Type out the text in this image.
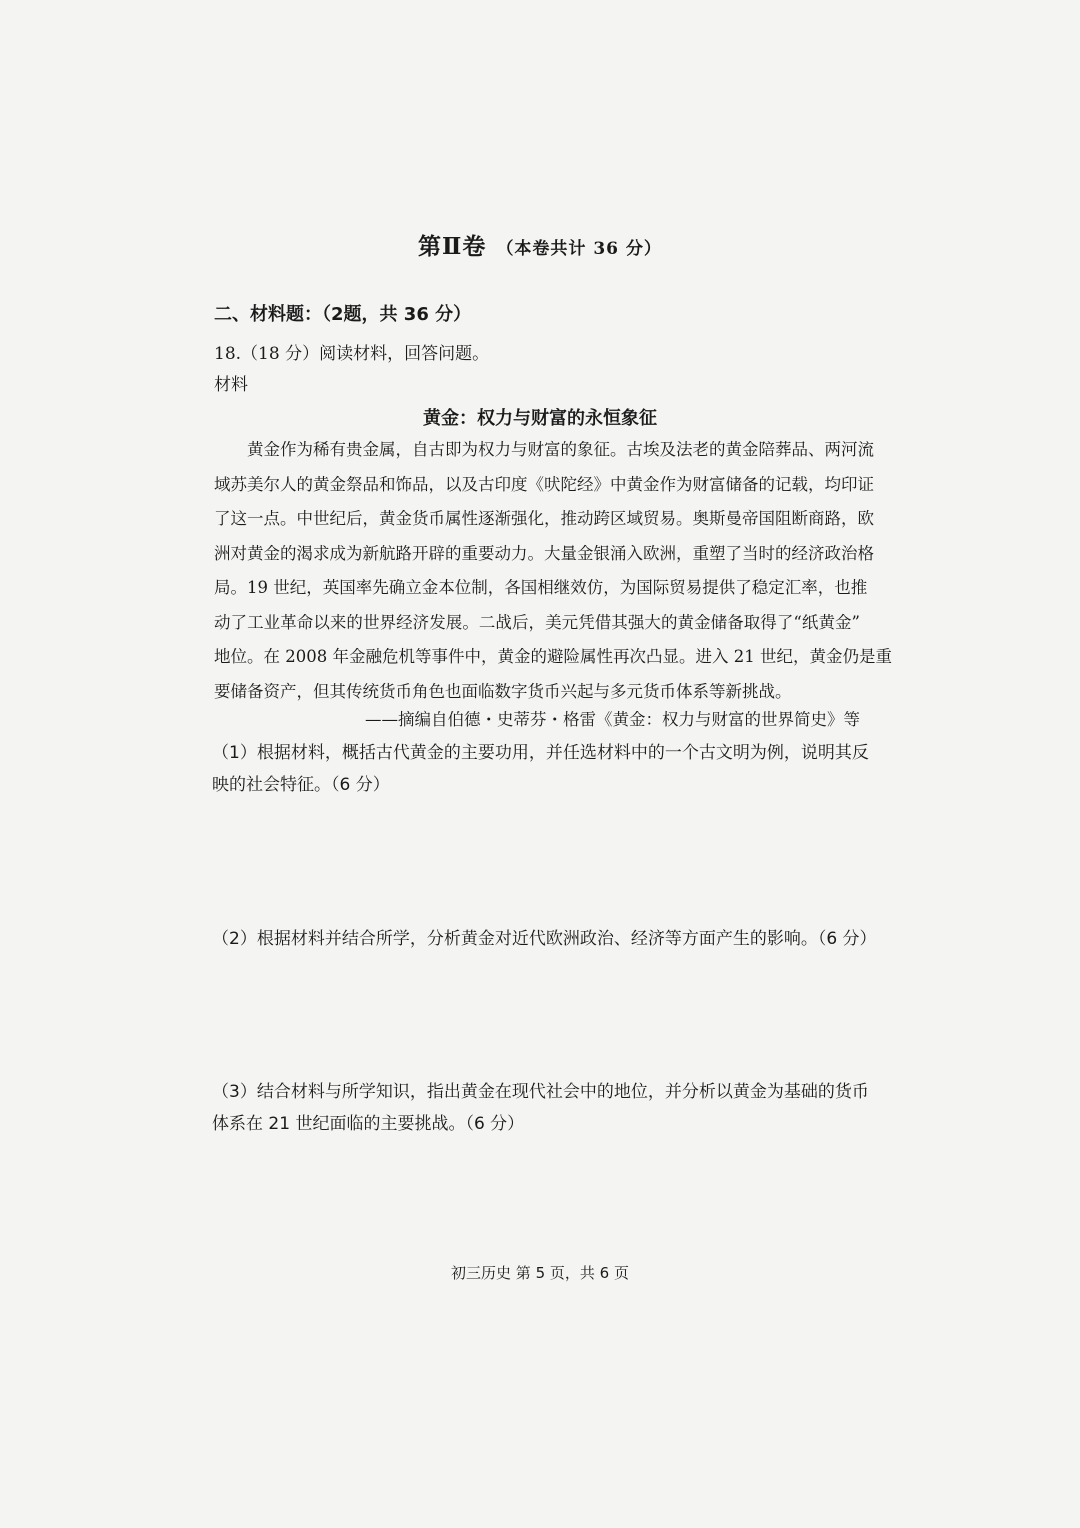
第Ⅱ卷 （本卷共计 36 分）
二、材料题：（2题，共 36 分）
18.（18 分）阅读材料，回答问题。
材料
黄金：权力与财富的永恒象征
黄金作为稀有贵金属，自古即为权力与财富的象征。古埃及法老的黄金陪葬品、两河流
域苏美尔人的黄金祭品和饰品，以及古印度《吠陀经》中黄金作为财富储备的记载，均印证
了这一点。中世纪后，黄金货币属性逐渐强化，推动跨区域贸易。奥斯曼帝国阻断商路，欧
洲对黄金的渴求成为新航路开辟的重要动力。大量金银涌入欧洲，重塑了当时的经济政治格
局。19 世纪，英国率先确立金本位制，各国相继效仿，为国际贸易提供了稳定汇率，也推
动了工业革命以来的世界经济发展。二战后，美元凭借其强大的黄金储备取得了“纸黄金”
地位。在 2008 年金融危机等事件中，黄金的避险属性再次凸显。进入 21 世纪，黄金仍是重
要储备资产，但其传统货币角色也面临数字货币兴起与多元货币体系等新挑战。
——摘编自伯德・史蒂芬・格雷《黄金：权力与财富的世界简史》等
（1）根据材料，概括古代黄金的主要功用，并任选材料中的一个古文明为例，说明其反
映的社会特征。（6 分）
（2）根据材料并结合所学，分析黄金对近代欧洲政治、经济等方面产生的影响。（6 分）
（3）结合材料与所学知识，指出黄金在现代社会中的地位，并分析以黄金为基础的货币
体系在 21 世纪面临的主要挑战。（6 分）
初三历史 第 5 页，共 6 页
